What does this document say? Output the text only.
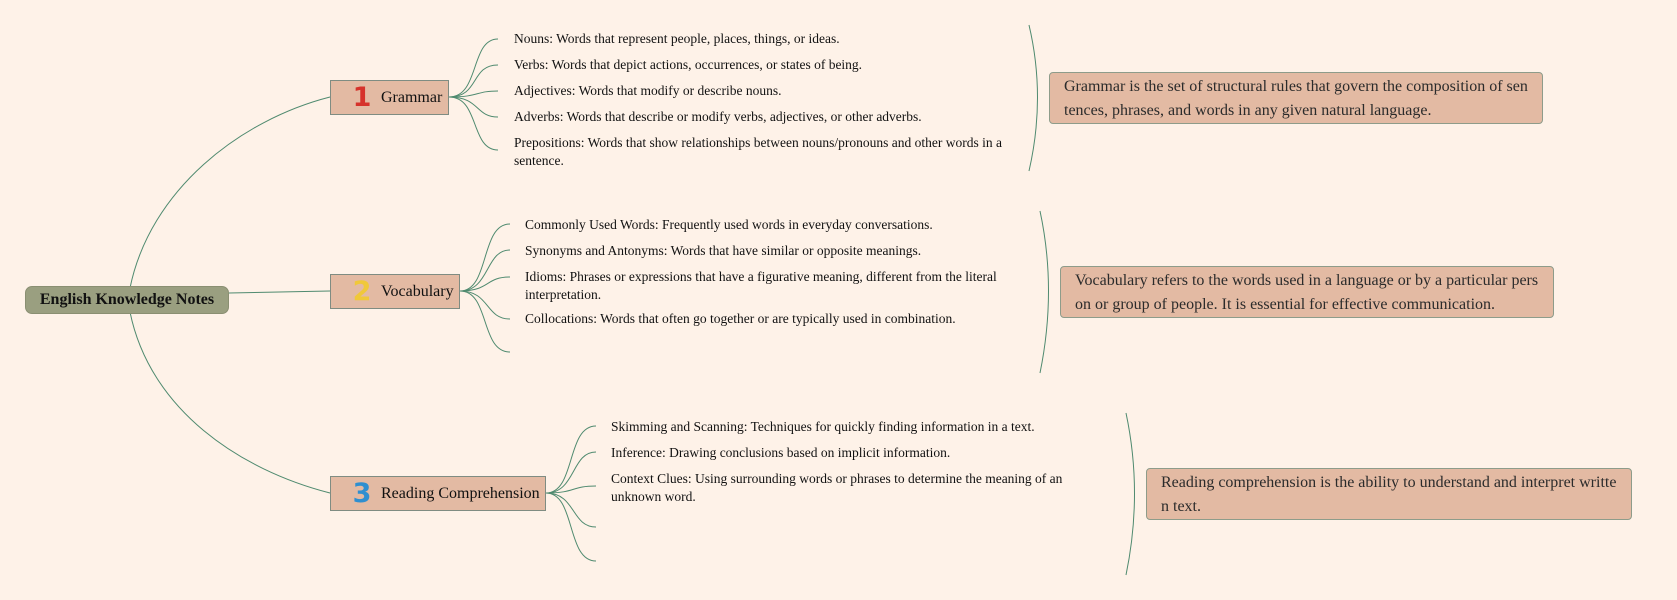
English Knowledge Notes
1 Grammar
Nouns: Words that represent people, places, things, or ideas.
Verbs: Words that depict actions, occurrences, or states of being.
Adjectives: Words that modify or describe nouns.
Adverbs: Words that describe or modify verbs, adjectives, or other adverbs.
Prepositions: Words that show relationships between nouns/pronouns and other words in a sentence.
Grammar is the set of structural rules that govern the composition of sentences, phrases, and words in any given natural language.
2 Vocabulary
Commonly Used Words: Frequently used words in everyday conversations.
Synonyms and Antonyms: Words that have similar or opposite meanings.
Idioms: Phrases or expressions that have a figurative meaning, different from the literal interpretation.
Collocations: Words that often go together or are typically used in combination.
Vocabulary refers to the words used in a language or by a particular person or group of people. It is essential for effective communication.
3 Reading Comprehension
Skimming and Scanning: Techniques for quickly finding information in a text.
Inference: Drawing conclusions based on implicit information.
Context Clues: Using surrounding words or phrases to determine the meaning of an unknown word.
Reading comprehension is the ability to understand and interpret written text.
